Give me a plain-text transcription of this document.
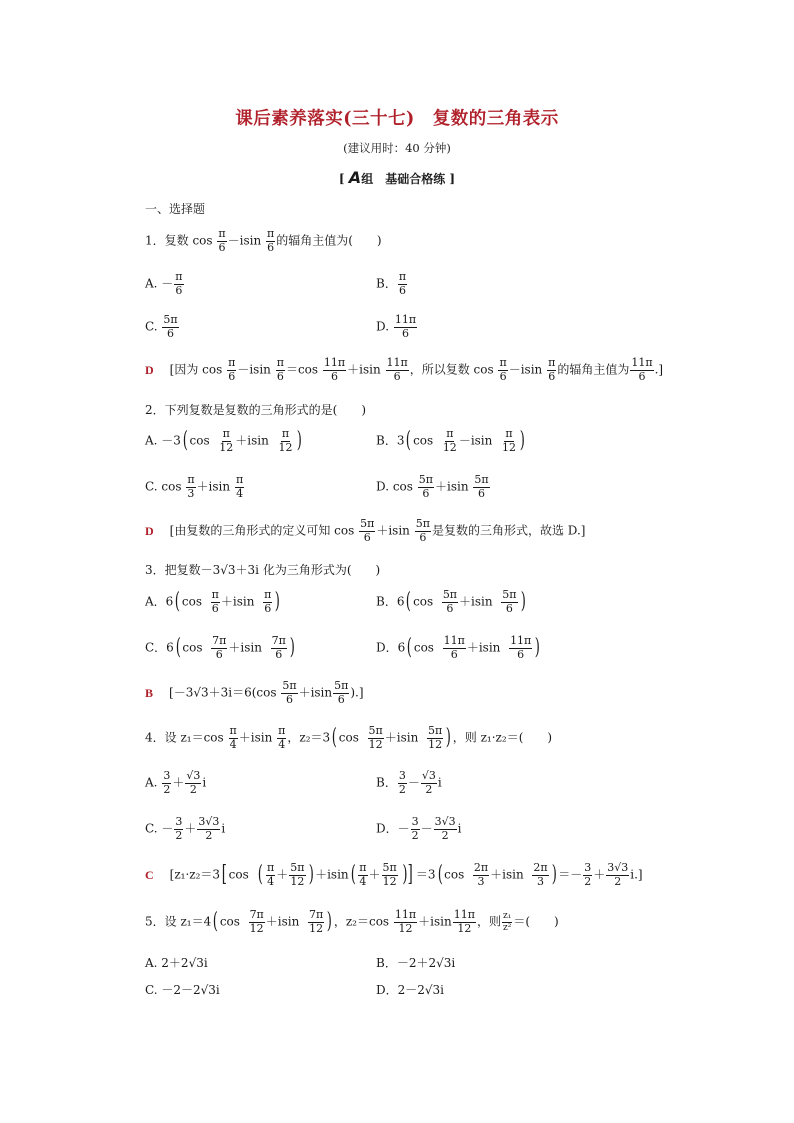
课后素养落实(三十七)　复数的三角表示
(建议用时：40 分钟)
[ A组　基础合格练 ]
一、选择题
1．复数 $\cos \frac{\pi}{6} -isin \frac{\pi}{6}$ 的辐角主值为(　　)
A. － $\frac{\pi}{6}$	B． $\frac{\pi}{6}$
C. $\frac{5\pi}{6}$	D. $\frac{11\pi}{6}$
D [因为 $\cos \frac{\pi}{6} -isin \frac{\pi}{6} =\cos \frac{11\pi}{6} +isin \frac{11\pi}{6}$ ，所以复数 $\cos \frac{\pi}{6} -isin \frac{\pi}{6}$ 的辐角主值为 $\frac{11\pi}{6}$ .]
2．下列复数是复数的三角形式的是(　　)
A. －3( $\cos \frac{\pi}{12} +isin \frac{\pi}{12}$ )	B．3( $\cos \frac{\pi}{12} -isin \frac{\pi}{12}$ )
C. $\cos \frac{\pi}{3} +isin \frac{\pi}{4}$	D. $\cos \frac{5\pi}{6} +isin \frac{5\pi}{6}$
D [由复数的三角形式的定义可知 $\cos \frac{5\pi}{6} +isin \frac{5\pi}{6}$ 是复数的三角形式，故选 D.]
3．把复数－3√3＋3i 化为三角形式为(　　)
A．6( $\cos \frac{\pi}{6} +isin \frac{\pi}{6}$ )	B．6( $\cos \frac{5\pi}{6} +isin \frac{5\pi}{6}$ )
C．6( $\cos \frac{7\pi}{6} +isin \frac{7\pi}{6}$ )	D．6( $\cos \frac{11\pi}{6} +isin \frac{11\pi}{6}$ )
B [$-3√3+3i=6(\cos \frac{5\pi}{6} +isin \frac{5\pi}{6}$ ).]
4．设 $z_1=\cos \frac{\pi}{4} +isin \frac{\pi}{4}$ ，z₂＝3( $\cos \frac{5\pi}{12} +isin \frac{5\pi}{12}$ ) ，则 z₁·z₂＝(　　)
A. $\frac{3}{2} + \frac{√3}{2}$ i	B． $\frac{3}{2} - \frac{√3}{2}$ i
C. － $\frac{3}{2} + \frac{3√3}{2}$ i	D．－ $\frac{3}{2} - \frac{3√3}{2}$ i
C [z₁·z₂＝3[ cos ( $\frac{\pi}{4} + \frac{5\pi}{12}$ ) $+isin( \frac{\pi}{4} + \frac{5\pi}{12}$ )] ＝3( $\cos \frac{2\pi}{3} +isin \frac{2\pi}{3}$ ) ＝－ $\frac{3}{2} + \frac{3√3}{2} i$.]
5．设 z₁＝4( $\cos \frac{7\pi}{12} +isin \frac{7\pi}{12}$ ) ，$z_2=\cos \frac{11\pi}{12} +isin \frac{11\pi}{12}$ ，则 $\frac{\text{z₁}}{\text{z²}}$ ＝(　　)
A. 2＋2√3i	B．－2＋2√3i
C. －2－2√3i	D．2－2√3i
